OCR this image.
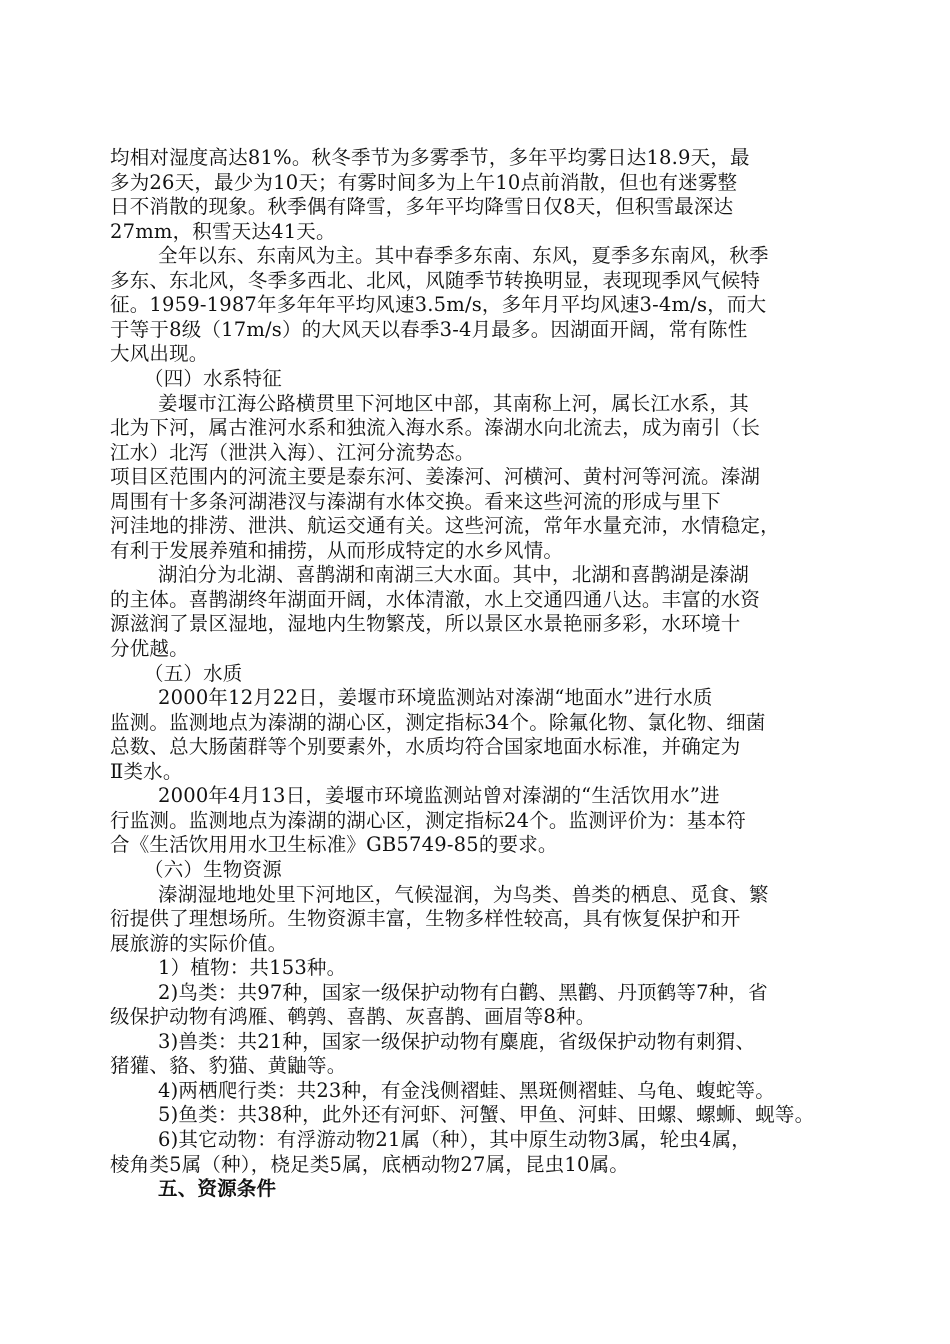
均相对湿度高达81%。秋冬季节为多雾季节，多年平均雾日达18.9天，最
多为26天，最少为10天；有雾时间多为上午10点前消散，但也有迷雾整
日不消散的现象。秋季偶有降雪，多年平均降雪日仅8天，但积雪最深达
27mm，积雪天达41天。
全年以东、东南风为主。其中春季多东南、东风，夏季多东南风，秋季
多东、东北风，冬季多西北、北风，风随季节转换明显，表现现季风气候特
征。1959-1987年多年年平均风速3.5m/s，多年月平均风速3-4m/s，而大
于等于8级（17m/s）的大风天以春季3-4月最多。因湖面开阔，常有陈性
大风出现。
（四）水系特征
姜堰市江海公路横贯里下河地区中部，其南称上河，属长江水系，其
北为下河，属古淮河水系和独流入海水系。溱湖水向北流去，成为南引（长
江水）北泻（泄洪入海）、江河分流势态。
项目区范围内的河流主要是泰东河、姜溱河、河横河、黄村河等河流。溱湖
周围有十多条河湖港汊与溱湖有水体交换。看来这些河流的形成与里下
河洼地的排涝、泄洪、航运交通有关。这些河流，常年水量充沛，水情稳定，
有利于发展养殖和捕捞，从而形成特定的水乡风情。
湖泊分为北湖、喜鹊湖和南湖三大水面。其中，北湖和喜鹊湖是溱湖
的主体。喜鹊湖终年湖面开阔，水体清澈，水上交通四通八达。丰富的水资
源滋润了景区湿地，湿地内生物繁茂，所以景区水景艳丽多彩，水环境十
分优越。
（五）水质
2000年12月22日，姜堰市环境监测站对溱湖“地面水”进行水质
监测。监测地点为溱湖的湖心区，测定指标34个。除氟化物、氯化物、细菌
总数、总大肠菌群等个别要素外，水质均符合国家地面水标准，并确定为
Ⅱ类水。
2000年4月13日，姜堰市环境监测站曾对溱湖的“生活饮用水”进
行监测。监测地点为溱湖的湖心区，测定指标24个。监测评价为：基本符
合《生活饮用用水卫生标准》GB5749-85的要求。
（六）生物资源
溱湖湿地地处里下河地区，气候湿润，为鸟类、兽类的栖息、觅食、繁
衍提供了理想场所。生物资源丰富，生物多样性较高，具有恢复保护和开
展旅游的实际价值。
1）植物：共153种。
2)鸟类：共97种，国家一级保护动物有白鹳、黑鹳、丹顶鹤等7种，省
级保护动物有鸿雁、鹌鹑、喜鹊、灰喜鹊、画眉等8种。
3)兽类：共21种，国家一级保护动物有麋鹿，省级保护动物有刺猬、
猪獾、貉、豹猫、黄鼬等。
4)两栖爬行类：共23种，有金浅侧褶蛙、黑斑侧褶蛙、乌龟、蝮蛇等。
5)鱼类：共38种，此外还有河虾、河蟹、甲鱼、河蚌、田螺、螺蛳、蚬等。
6)其它动物：有浮游动物21属（种），其中原生动物3属，轮虫4属，
棱角类5属（种），桡足类5属，底栖动物27属，昆虫10属。
五、资源条件
